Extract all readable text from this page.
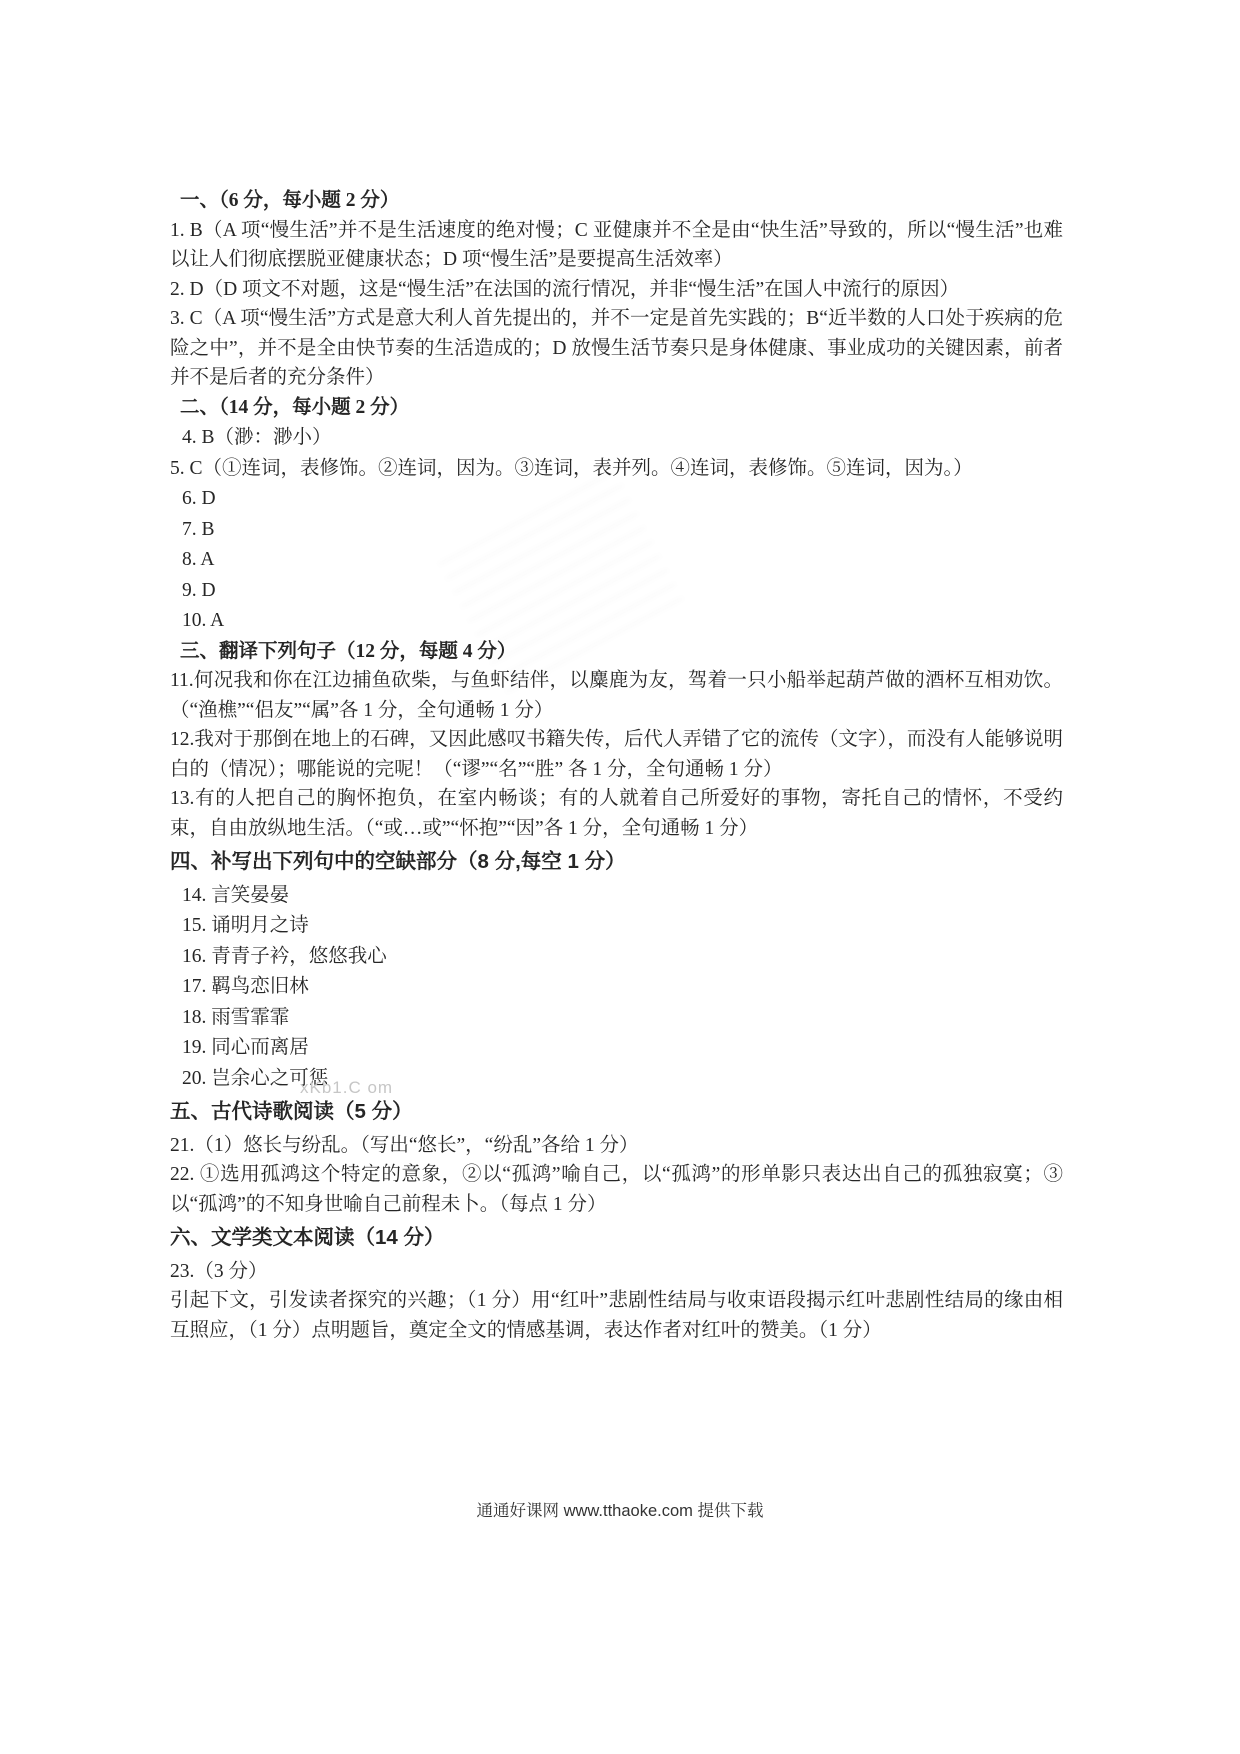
一、（6 分，每小题 2 分）

1. B（A 项“慢生活”并不是生活速度的绝对慢；C 亚健康并不全是由“快生活”导致的，所以“慢生活”也难以让人们彻底摆脱亚健康状态；D 项“慢生活”是要提高生活效率）

2. D（D 项文不对题，这是“慢生活”在法国的流行情况，并非“慢生活”在国人中流行的原因）

3. C（A 项“慢生活”方式是意大利人首先提出的，并不一定是首先实践的；B“近半数的人口处于疾病的危险之中”，并不是全由快节奏的生活造成的；D 放慢生活节奏只是身体健康、事业成功的关键因素，前者并不是后者的充分条件）

二、（14 分，每小题 2 分）

4. B（渺：渺小）

5. C（①连词，表修饰。②连词，因为。③连词，表并列。④连词，表修饰。⑤连词，因为。）

6. D

7. B

8. A

9. D

10. A

三、翻译下列句子（12 分，每题 4 分）

11.何况我和你在江边捕鱼砍柴，与鱼虾结伴，以麋鹿为友，驾着一只小船举起葫芦做的酒杯互相劝饮。（“渔樵”“侣友”“属”各 1 分，全句通畅 1 分）

12.我对于那倒在地上的石碑，又因此感叹书籍失传，后代人弄错了它的流传（文字），而没有人能够说明白的（情况）；哪能说的完呢！（“谬”“名”“胜” 各 1 分，全句通畅 1 分）

13.有的人把自己的胸怀抱负，在室内畅谈；有的人就着自己所爱好的事物，寄托自己的情怀，不受约束，自由放纵地生活。（“或…或”“怀抱”“因”各 1 分，全句通畅 1 分）

四、补写出下列句中的空缺部分（8 分,每空 1 分）

14. 言笑晏晏

15. 诵明月之诗

16. 青青子衿，悠悠我心

17. 羁鸟恋旧林

18. 雨雪霏霏

19. 同心而离居

20. 岂余心之可惩

五、古代诗歌阅读（5 分）

21.（1）悠长与纷乱。（写出“悠长”，“纷乱”各给 1 分）

22. ①选用孤鸿这个特定的意象，②以“孤鸿”喻自己，以“孤鸿”的形单影只表达出自己的孤独寂寞；③以“孤鸿”的不知身世喻自己前程未卜。（每点 1 分）

六、文学类文本阅读（14 分）

23.（3 分）

引起下文，引发读者探究的兴趣；（1 分）用“红叶”悲剧性结局与收束语段揭示红叶悲剧性结局的缘由相互照应，（1 分）点明题旨，奠定全文的情感基调，表达作者对红叶的赞美。（1 分）

xKb1.C om
通通好课网 www.tthaoke.com 提供下载
